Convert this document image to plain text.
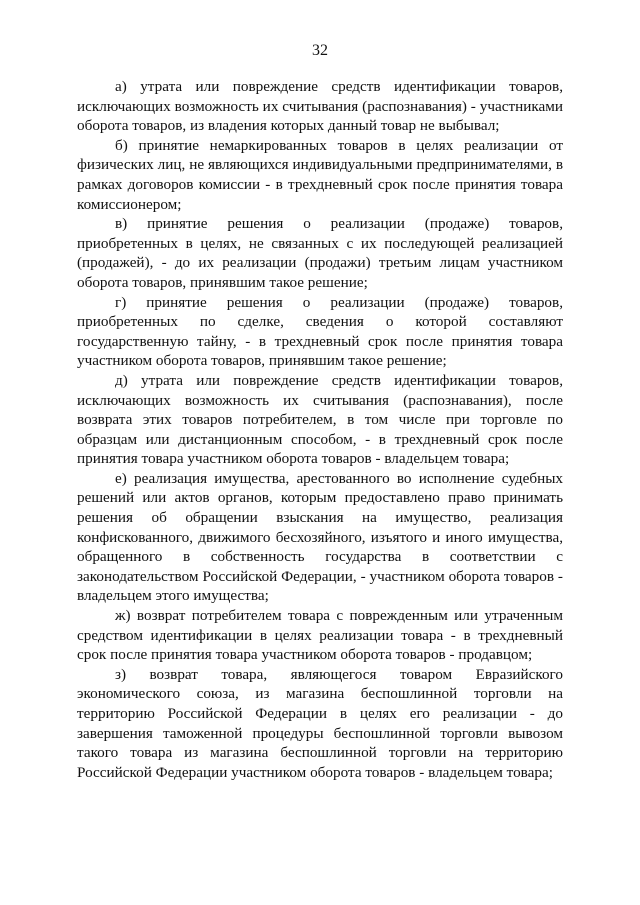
32

а) утрата или повреждение средств идентификации товаров, исключающих возможность их считывания (распознавания) - участниками оборота товаров, из владения которых данный товар не выбывал;

б) принятие немаркированных товаров в целях реализации от физических лиц, не являющихся индивидуальными предпринимателями, в рамках договоров комиссии - в трехдневный срок после принятия товара комиссионером;

в) принятие решения о реализации (продаже) товаров, приобретенных в целях, не связанных с их последующей реализацией (продажей), - до их реализации (продажи) третьим лицам участником оборота товаров, принявшим такое решение;

г) принятие решения о реализации (продаже) товаров, приобретенных по сделке, сведения о которой составляют государственную тайну, - в трехдневный срок после принятия товара участником оборота товаров, принявшим такое решение;

д) утрата или повреждение средств идентификации товаров, исключающих возможность их считывания (распознавания), после возврата этих товаров потребителем, в том числе при торговле по образцам или дистанционным способом, - в трехдневный срок после принятия товара участником оборота товаров - владельцем товара;

е) реализация имущества, арестованного во исполнение судебных решений или актов органов, которым предоставлено право принимать решения об обращении взыскания на имущество, реализация конфискованного, движимого бесхозяйного, изъятого и иного имущества, обращенного в собственность государства в соответствии с законодательством Российской Федерации, - участником оборота товаров - владельцем этого имущества;

ж) возврат потребителем товара с поврежденным или утраченным средством идентификации в целях реализации товара - в трехдневный срок после принятия товара участником оборота товаров - продавцом;

з) возврат товара, являющегося товаром Евразийского экономического союза, из магазина беспошлинной торговли на территорию Российской Федерации в целях его реализации - до завершения таможенной процедуры беспошлинной торговли вывозом такого товара из магазина беспошлинной торговли на территорию Российской Федерации участником оборота товаров - владельцем товара;
